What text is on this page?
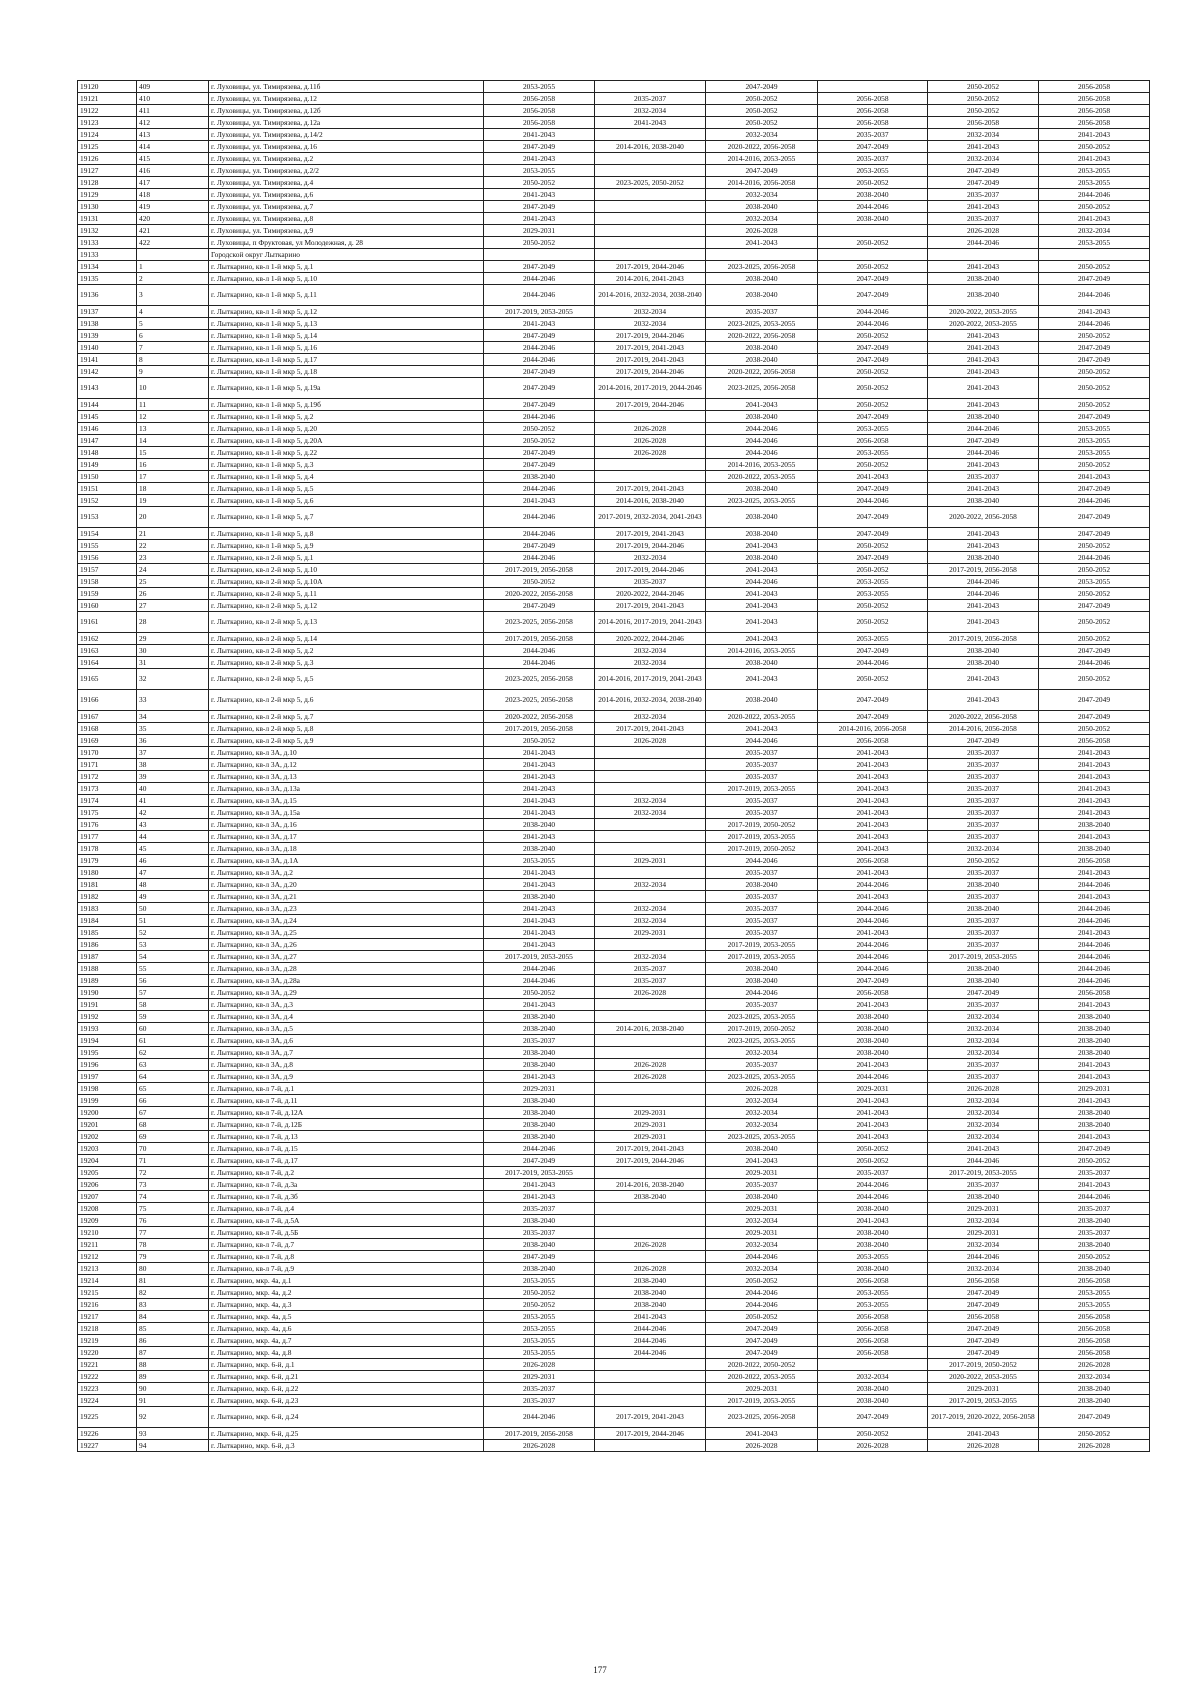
19120	409	г. Луховицы, ул. Тимирязева, д.11б	2053-2055		2047-2049		2050-2052	2056-2058
19121	410	г. Луховицы, ул. Тимирязева, д.12	2056-2058	2035-2037	2050-2052	2056-2058	2050-2052	2056-2058
19122	411	г. Луховицы, ул. Тимирязева, д.12б	2056-2058	2032-2034	2050-2052	2056-2058	2050-2052	2056-2058
19123	412	г. Луховицы, ул. Тимирязева, д.12а	2056-2058	2041-2043	2050-2052	2056-2058	2056-2058	2056-2058
19124	413	г. Луховицы, ул. Тимирязева, д.14/2	2041-2043		2032-2034	2035-2037	2032-2034	2041-2043
19125	414	г. Луховицы, ул. Тимирязева, д.16	2047-2049	2014-2016, 2038-2040	2020-2022, 2056-2058	2047-2049	2041-2043	2050-2052
19126	415	г. Луховицы, ул. Тимирязева, д.2	2041-2043		2014-2016, 2053-2055	2035-2037	2032-2034	2041-2043
19127	416	г. Луховицы, ул. Тимирязева, д.2/2	2053-2055		2047-2049	2053-2055	2047-2049	2053-2055
19128	417	г. Луховицы, ул. Тимирязева, д.4	2050-2052	2023-2025, 2050-2052	2014-2016, 2056-2058	2050-2052	2047-2049	2053-2055
19129	418	г. Луховицы, ул. Тимирязева, д.6	2041-2043		2032-2034	2038-2040	2035-2037	2044-2046
19130	419	г. Луховицы, ул. Тимирязева, д.7	2047-2049		2038-2040	2044-2046	2041-2043	2050-2052
19131	420	г. Луховицы, ул. Тимирязева, д.8	2041-2043		2032-2034	2038-2040	2035-2037	2041-2043
19132	421	г. Луховицы, ул. Тимирязева, д.9	2029-2031		2026-2028		2026-2028	2032-2034
19133	422	г. Луховицы, п Фруктовая, ул Молодежная, д. 28	2050-2052		2041-2043	2050-2052	2044-2046	2053-2055
19133		Городской округ Лыткарино						
19134	1	г. Лыткарино, кв-л 1-й мкр 5, д.1	2047-2049	2017-2019, 2044-2046	2023-2025, 2056-2058	2050-2052	2041-2043	2050-2052
19135	2	г. Лыткарино, кв-л 1-й мкр 5, д.10	2044-2046	2014-2016, 2041-2043	2038-2040	2047-2049	2038-2040	2047-2049
19136	3	г. Лыткарино, кв-л 1-й мкр 5, д.11	2044-2046	2014-2016, 2032-2034, 2038-2040	2038-2040	2047-2049	2038-2040	2044-2046
19137	4	г. Лыткарино, кв-л 1-й мкр 5, д.12	2017-2019, 2053-2055	2032-2034	2035-2037	2044-2046	2020-2022, 2053-2055	2041-2043
19138	5	г. Лыткарино, кв-л 1-й мкр 5, д.13	2041-2043	2032-2034	2023-2025, 2053-2055	2044-2046	2020-2022, 2053-2055	2044-2046
19139	6	г. Лыткарино, кв-л 1-й мкр 5, д.14	2047-2049	2017-2019, 2044-2046	2020-2022, 2056-2058	2050-2052	2041-2043	2050-2052
19140	7	г. Лыткарино, кв-л 1-й мкр 5, д.16	2044-2046	2017-2019, 2041-2043	2038-2040	2047-2049	2041-2043	2047-2049
19141	8	г. Лыткарино, кв-л 1-й мкр 5, д.17	2044-2046	2017-2019, 2041-2043	2038-2040	2047-2049	2041-2043	2047-2049
19142	9	г. Лыткарино, кв-л 1-й мкр 5, д.18	2047-2049	2017-2019, 2044-2046	2020-2022, 2056-2058	2050-2052	2041-2043	2050-2052
19143	10	г. Лыткарино, кв-л 1-й мкр 5, д.19а	2047-2049	2014-2016, 2017-2019, 2044-2046	2023-2025, 2056-2058	2050-2052	2041-2043	2050-2052
19144	11	г. Лыткарино, кв-л 1-й мкр 5, д.19б	2047-2049	2017-2019, 2044-2046	2041-2043	2050-2052	2041-2043	2050-2052
19145	12	г. Лыткарино, кв-л 1-й мкр 5, д.2	2044-2046		2038-2040	2047-2049	2038-2040	2047-2049
19146	13	г. Лыткарино, кв-л 1-й мкр 5, д.20	2050-2052	2026-2028	2044-2046	2053-2055	2044-2046	2053-2055
19147	14	г. Лыткарино, кв-л 1-й мкр 5, д.20А	2050-2052	2026-2028	2044-2046	2056-2058	2047-2049	2053-2055
19148	15	г. Лыткарино, кв-л 1-й мкр 5, д.22	2047-2049	2026-2028	2044-2046	2053-2055	2044-2046	2053-2055
19149	16	г. Лыткарино, кв-л 1-й мкр 5, д.3	2047-2049		2014-2016, 2053-2055	2050-2052	2041-2043	2050-2052
19150	17	г. Лыткарино, кв-л 1-й мкр 5, д.4	2038-2040		2020-2022, 2053-2055	2041-2043	2035-2037	2041-2043
19151	18	г. Лыткарино, кв-л 1-й мкр 5, д.5	2044-2046	2017-2019, 2041-2043	2038-2040	2047-2049	2041-2043	2047-2049
19152	19	г. Лыткарино, кв-л 1-й мкр 5, д.6	2041-2043	2014-2016, 2038-2040	2023-2025, 2053-2055	2044-2046	2038-2040	2044-2046
19153	20	г. Лыткарино, кв-л 1-й мкр 5, д.7	2044-2046	2017-2019, 2032-2034, 2041-2043	2038-2040	2047-2049	2020-2022, 2056-2058	2047-2049
19154	21	г. Лыткарино, кв-л 1-й мкр 5, д.8	2044-2046	2017-2019, 2041-2043	2038-2040	2047-2049	2041-2043	2047-2049
19155	22	г. Лыткарино, кв-л 1-й мкр 5, д.9	2047-2049	2017-2019, 2044-2046	2041-2043	2050-2052	2041-2043	2050-2052
19156	23	г. Лыткарино, кв-л 2-й мкр 5, д.1	2044-2046	2032-2034	2038-2040	2047-2049	2038-2040	2044-2046
19157	24	г. Лыткарино, кв-л 2-й мкр 5, д.10	2017-2019, 2056-2058	2017-2019, 2044-2046	2041-2043	2050-2052	2017-2019, 2056-2058	2050-2052
19158	25	г. Лыткарино, кв-л 2-й мкр 5, д.10А	2050-2052	2035-2037	2044-2046	2053-2055	2044-2046	2053-2055
19159	26	г. Лыткарино, кв-л 2-й мкр 5, д.11	2020-2022, 2056-2058	2020-2022, 2044-2046	2041-2043	2053-2055	2044-2046	2050-2052
19160	27	г. Лыткарино, кв-л 2-й мкр 5, д.12	2047-2049	2017-2019, 2041-2043	2041-2043	2050-2052	2041-2043	2047-2049
19161	28	г. Лыткарино, кв-л 2-й мкр 5, д.13	2023-2025, 2056-2058	2014-2016, 2017-2019, 2041-2043	2041-2043	2050-2052	2041-2043	2050-2052
19162	29	г. Лыткарино, кв-л 2-й мкр 5, д.14	2017-2019, 2056-2058	2020-2022, 2044-2046	2041-2043	2053-2055	2017-2019, 2056-2058	2050-2052
19163	30	г. Лыткарино, кв-л 2-й мкр 5, д.2	2044-2046	2032-2034	2014-2016, 2053-2055	2047-2049	2038-2040	2047-2049
19164	31	г. Лыткарино, кв-л 2-й мкр 5, д.3	2044-2046	2032-2034	2038-2040	2044-2046	2038-2040	2044-2046
19165	32	г. Лыткарино, кв-л 2-й мкр 5, д.5	2023-2025, 2056-2058	2014-2016, 2017-2019, 2041-2043	2041-2043	2050-2052	2041-2043	2050-2052
19166	33	г. Лыткарино, кв-л 2-й мкр 5, д.6	2023-2025, 2056-2058	2014-2016, 2032-2034, 2038-2040	2038-2040	2047-2049	2041-2043	2047-2049
19167	34	г. Лыткарино, кв-л 2-й мкр 5, д.7	2020-2022, 2056-2058	2032-2034	2020-2022, 2053-2055	2047-2049	2020-2022, 2056-2058	2047-2049
19168	35	г. Лыткарино, кв-л 2-й мкр 5, д.8	2017-2019, 2056-2058	2017-2019, 2041-2043	2041-2043	2014-2016, 2056-2058	2014-2016, 2056-2058	2050-2052
19169	36	г. Лыткарино, кв-л 2-й мкр 5, д.9	2050-2052	2026-2028	2044-2046	2056-2058	2047-2049	2056-2058
19170	37	г. Лыткарино, кв-л 3А, д.10	2041-2043		2035-2037	2041-2043	2035-2037	2041-2043
19171	38	г. Лыткарино, кв-л 3А, д.12	2041-2043		2035-2037	2041-2043	2035-2037	2041-2043
19172	39	г. Лыткарино, кв-л 3А, д.13	2041-2043		2035-2037	2041-2043	2035-2037	2041-2043
19173	40	г. Лыткарино, кв-л 3А, д.13а	2041-2043		2017-2019, 2053-2055	2041-2043	2035-2037	2041-2043
19174	41	г. Лыткарино, кв-л 3А, д.15	2041-2043	2032-2034	2035-2037	2041-2043	2035-2037	2041-2043
19175	42	г. Лыткарино, кв-л 3А, д.15а	2041-2043	2032-2034	2035-2037	2041-2043	2035-2037	2041-2043
19176	43	г. Лыткарино, кв-л 3А, д.16	2038-2040		2017-2019, 2050-2052	2041-2043	2035-2037	2038-2040
19177	44	г. Лыткарино, кв-л 3А, д.17	2041-2043		2017-2019, 2053-2055	2041-2043	2035-2037	2041-2043
19178	45	г. Лыткарино, кв-л 3А, д.18	2038-2040		2017-2019, 2050-2052	2041-2043	2032-2034	2038-2040
19179	46	г. Лыткарино, кв-л 3А, д.1А	2053-2055	2029-2031	2044-2046	2056-2058	2050-2052	2056-2058
19180	47	г. Лыткарино, кв-л 3А, д.2	2041-2043		2035-2037	2041-2043	2035-2037	2041-2043
19181	48	г. Лыткарино, кв-л 3А, д.20	2041-2043	2032-2034	2038-2040	2044-2046	2038-2040	2044-2046
19182	49	г. Лыткарино, кв-л 3А, д.21	2038-2040		2035-2037	2041-2043	2035-2037	2041-2043
19183	50	г. Лыткарино, кв-л 3А, д.23	2041-2043	2032-2034	2035-2037	2044-2046	2038-2040	2044-2046
19184	51	г. Лыткарино, кв-л 3А, д.24	2041-2043	2032-2034	2035-2037	2044-2046	2035-2037	2044-2046
19185	52	г. Лыткарино, кв-л 3А, д.25	2041-2043	2029-2031	2035-2037	2041-2043	2035-2037	2041-2043
19186	53	г. Лыткарино, кв-л 3А, д.26	2041-2043		2017-2019, 2053-2055	2044-2046	2035-2037	2044-2046
19187	54	г. Лыткарино, кв-л 3А, д.27	2017-2019, 2053-2055	2032-2034	2017-2019, 2053-2055	2044-2046	2017-2019, 2053-2055	2044-2046
19188	55	г. Лыткарино, кв-л 3А, д.28	2044-2046	2035-2037	2038-2040	2044-2046	2038-2040	2044-2046
19189	56	г. Лыткарино, кв-л 3А, д.28а	2044-2046	2035-2037	2038-2040	2047-2049	2038-2040	2044-2046
19190	57	г. Лыткарино, кв-л 3А, д.29	2050-2052	2026-2028	2044-2046	2056-2058	2047-2049	2056-2058
19191	58	г. Лыткарино, кв-л 3А, д.3	2041-2043		2035-2037	2041-2043	2035-2037	2041-2043
19192	59	г. Лыткарино, кв-л 3А, д.4	2038-2040		2023-2025, 2053-2055	2038-2040	2032-2034	2038-2040
19193	60	г. Лыткарино, кв-л 3А, д.5	2038-2040	2014-2016, 2038-2040	2017-2019, 2050-2052	2038-2040	2032-2034	2038-2040
19194	61	г. Лыткарино, кв-л 3А, д.6	2035-2037		2023-2025, 2053-2055	2038-2040	2032-2034	2038-2040
19195	62	г. Лыткарино, кв-л 3А, д.7	2038-2040		2032-2034	2038-2040	2032-2034	2038-2040
19196	63	г. Лыткарино, кв-л 3А, д.8	2038-2040	2026-2028	2035-2037	2041-2043	2035-2037	2041-2043
19197	64	г. Лыткарино, кв-л 3А, д.9	2041-2043	2026-2028	2023-2025, 2053-2055	2044-2046	2035-2037	2041-2043
19198	65	г. Лыткарино, кв-л 7-й, д.1	2029-2031		2026-2028	2029-2031	2026-2028	2029-2031
19199	66	г. Лыткарино, кв-л 7-й, д.11	2038-2040		2032-2034	2041-2043	2032-2034	2041-2043
19200	67	г. Лыткарино, кв-л 7-й, д.12А	2038-2040	2029-2031	2032-2034	2041-2043	2032-2034	2038-2040
19201	68	г. Лыткарино, кв-л 7-й, д.12Б	2038-2040	2029-2031	2032-2034	2041-2043	2032-2034	2038-2040
19202	69	г. Лыткарино, кв-л 7-й, д.13	2038-2040	2029-2031	2023-2025, 2053-2055	2041-2043	2032-2034	2041-2043
19203	70	г. Лыткарино, кв-л 7-й, д.15	2044-2046	2017-2019, 2041-2043	2038-2040	2050-2052	2041-2043	2047-2049
19204	71	г. Лыткарино, кв-л 7-й, д.17	2047-2049	2017-2019, 2044-2046	2041-2043	2050-2052	2044-2046	2050-2052
19205	72	г. Лыткарино, кв-л 7-й, д.2	2017-2019, 2053-2055		2029-2031	2035-2037	2017-2019, 2053-2055	2035-2037
19206	73	г. Лыткарино, кв-л 7-й, д.3а	2041-2043	2014-2016, 2038-2040	2035-2037	2044-2046	2035-2037	2041-2043
19207	74	г. Лыткарино, кв-л 7-й, д.3б	2041-2043	2038-2040	2038-2040	2044-2046	2038-2040	2044-2046
19208	75	г. Лыткарино, кв-л 7-й, д.4	2035-2037		2029-2031	2038-2040	2029-2031	2035-2037
19209	76	г. Лыткарино, кв-л 7-й, д.5А	2038-2040		2032-2034	2041-2043	2032-2034	2038-2040
19210	77	г. Лыткарино, кв-л 7-й, д.5Б	2035-2037		2029-2031	2038-2040	2029-2031	2035-2037
19211	78	г. Лыткарино, кв-л 7-й, д.7	2038-2040	2026-2028	2032-2034	2038-2040	2032-2034	2038-2040
19212	79	г. Лыткарино, кв-л 7-й, д.8	2047-2049		2044-2046	2053-2055	2044-2046	2050-2052
19213	80	г. Лыткарино, кв-л 7-й, д.9	2038-2040	2026-2028	2032-2034	2038-2040	2032-2034	2038-2040
19214	81	г. Лыткарино, мкр. 4а, д.1	2053-2055	2038-2040	2050-2052	2056-2058	2056-2058	2056-2058
19215	82	г. Лыткарино, мкр. 4а, д.2	2050-2052	2038-2040	2044-2046	2053-2055	2047-2049	2053-2055
19216	83	г. Лыткарино, мкр. 4а, д.3	2050-2052	2038-2040	2044-2046	2053-2055	2047-2049	2053-2055
19217	84	г. Лыткарино, мкр. 4а, д.5	2053-2055	2041-2043	2050-2052	2056-2058	2056-2058	2056-2058
19218	85	г. Лыткарино, мкр. 4а, д.6	2053-2055	2044-2046	2047-2049	2056-2058	2047-2049	2056-2058
19219	86	г. Лыткарино, мкр. 4а, д.7	2053-2055	2044-2046	2047-2049	2056-2058	2047-2049	2056-2058
19220	87	г. Лыткарино, мкр. 4а, д.8	2053-2055	2044-2046	2047-2049	2056-2058	2047-2049	2056-2058
19221	88	г. Лыткарино, мкр. 6-й, д.1	2026-2028		2020-2022, 2050-2052		2017-2019, 2050-2052	2026-2028
19222	89	г. Лыткарино, мкр. 6-й, д.21	2029-2031		2020-2022, 2053-2055	2032-2034	2020-2022, 2053-2055	2032-2034
19223	90	г. Лыткарино, мкр. 6-й, д.22	2035-2037		2029-2031	2038-2040	2029-2031	2038-2040
19224	91	г. Лыткарино, мкр. 6-й, д.23	2035-2037		2017-2019, 2053-2055	2038-2040	2017-2019, 2053-2055	2038-2040
19225	92	г. Лыткарино, мкр. 6-й, д.24	2044-2046	2017-2019, 2041-2043	2023-2025, 2056-2058	2047-2049	2017-2019, 2020-2022, 2056-2058	2047-2049
19226	93	г. Лыткарино, мкр. 6-й, д.25	2017-2019, 2056-2058	2017-2019, 2044-2046	2041-2043	2050-2052	2041-2043	2050-2052
19227	94	г. Лыткарино, мкр. 6-й, д.3	2026-2028		2026-2028	2026-2028	2026-2028	2026-2028
177
